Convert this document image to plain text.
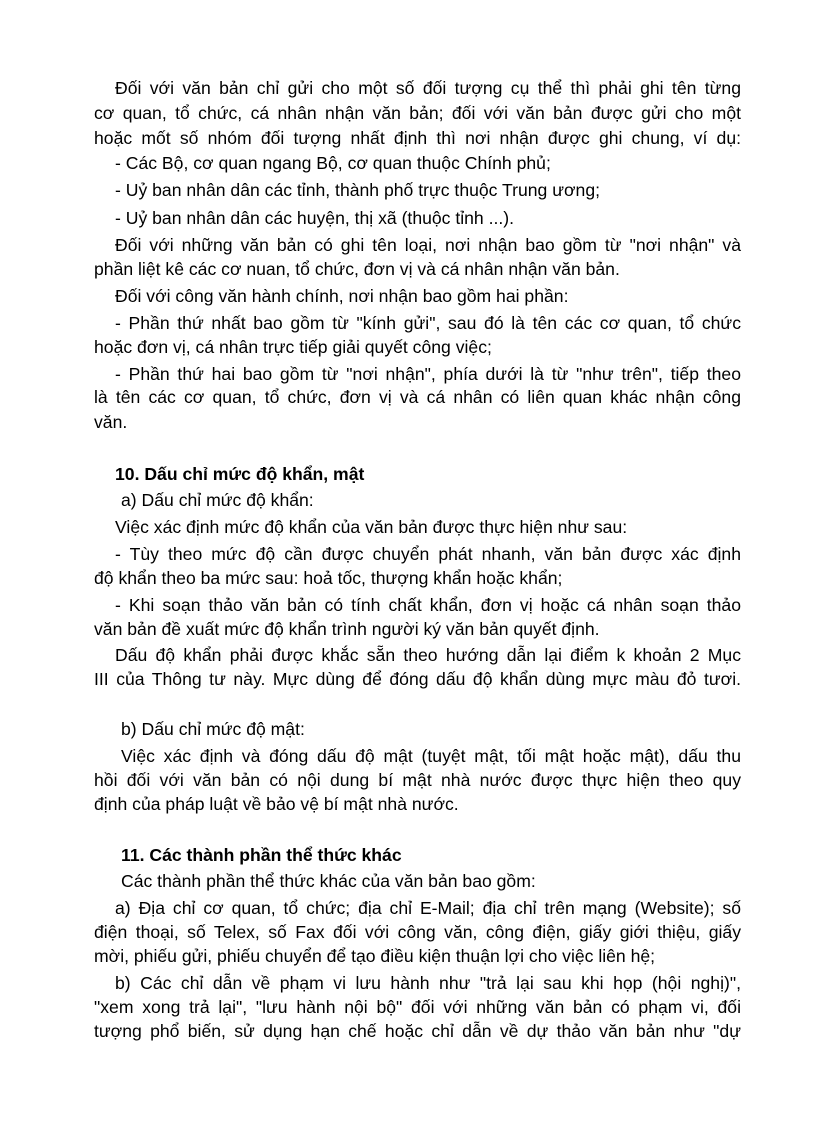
Đối với văn bản chỉ gửi cho một số đối tượng cụ thể thì phải ghi tên từng
cơ quan, tổ chức, cá nhân nhận văn bản; đối với văn bản được gửi cho một
hoặc mốt số nhóm đối tượng nhất định thì nơi nhận được ghi chung, ví dụ:
- Các Bộ, cơ quan ngang Bộ, cơ quan thuộc Chính phủ;
- Uỷ ban nhân dân các tỉnh, thành phố trực thuộc Trung ương;
- Uỷ ban nhân dân các huyện, thị xã (thuộc tỉnh ...).
Đối với những văn bản có ghi tên loại, nơi nhận bao gồm từ "nơi nhận" và
phần liệt kê các cơ nuan, tổ chức, đơn vị và cá nhân nhận văn bản.
Đối với công văn hành chính, nơi nhận bao gồm hai phần:
- Phần thứ nhất bao gồm từ "kính gửi", sau đó là tên các cơ quan, tổ chức
hoặc đơn vị, cá nhân trực tiếp giải quyết công việc;
- Phần thứ hai bao gồm từ "nơi nhận", phía dưới là từ "như trên", tiếp theo
là tên các cơ quan, tổ chức, đơn vị và cá nhân có liên quan khác nhận công
văn.
10. Dấu chỉ mức độ khẩn, mật
a) Dấu chỉ mức độ khẩn:
Việc xác định mức độ khẩn của văn bản được thực hiện như sau:
- Tùy theo mức độ cần được chuyển phát nhanh, văn bản được xác định
độ khẩn theo ba mức sau: hoả tốc, thượng khẩn hoặc khẩn;
- Khi soạn thảo văn bản có tính chất khẩn, đơn vị hoặc cá nhân soạn thảo
văn bản đề xuất mức độ khẩn trình người ký văn bản quyết định.
Dấu độ khẩn phải được khắc sẵn theo hướng dẫn lại điểm k khoản 2 Mục
III của Thông tư này. Mực dùng để đóng dấu độ khẩn dùng mực màu đỏ tươi.
b) Dấu chỉ mức độ mật:
Việc xác định và đóng dấu độ mật (tuyệt mật, tối mật hoặc mật), dấu thu
hồi đối với văn bản có nội dung bí mật nhà nước được thực hiện theo quy
định của pháp luật về bảo vệ bí mật nhà nước.
11. Các thành phần thể thức khác
Các thành phần thể thức khác của văn bản bao gồm:
a) Địa chỉ cơ quan, tổ chức; địa chỉ E-Mail; địa chỉ trên mạng (Website); số
điện thoại, số Telex, số Fax đối với công văn, công điện, giấy giới thiệu, giấy
mời, phiếu gửi, phiếu chuyển để tạo điều kiện thuận lợi cho việc liên hệ;
b) Các chỉ dẫn về phạm vi lưu hành như "trả lại sau khi họp (hội nghị)",
"xem xong trả lại", "lưu hành nội bộ" đối với những văn bản có phạm vi, đối
tượng phổ biến, sử dụng hạn chế hoặc chỉ dẫn về dự thảo văn bản như "dự
